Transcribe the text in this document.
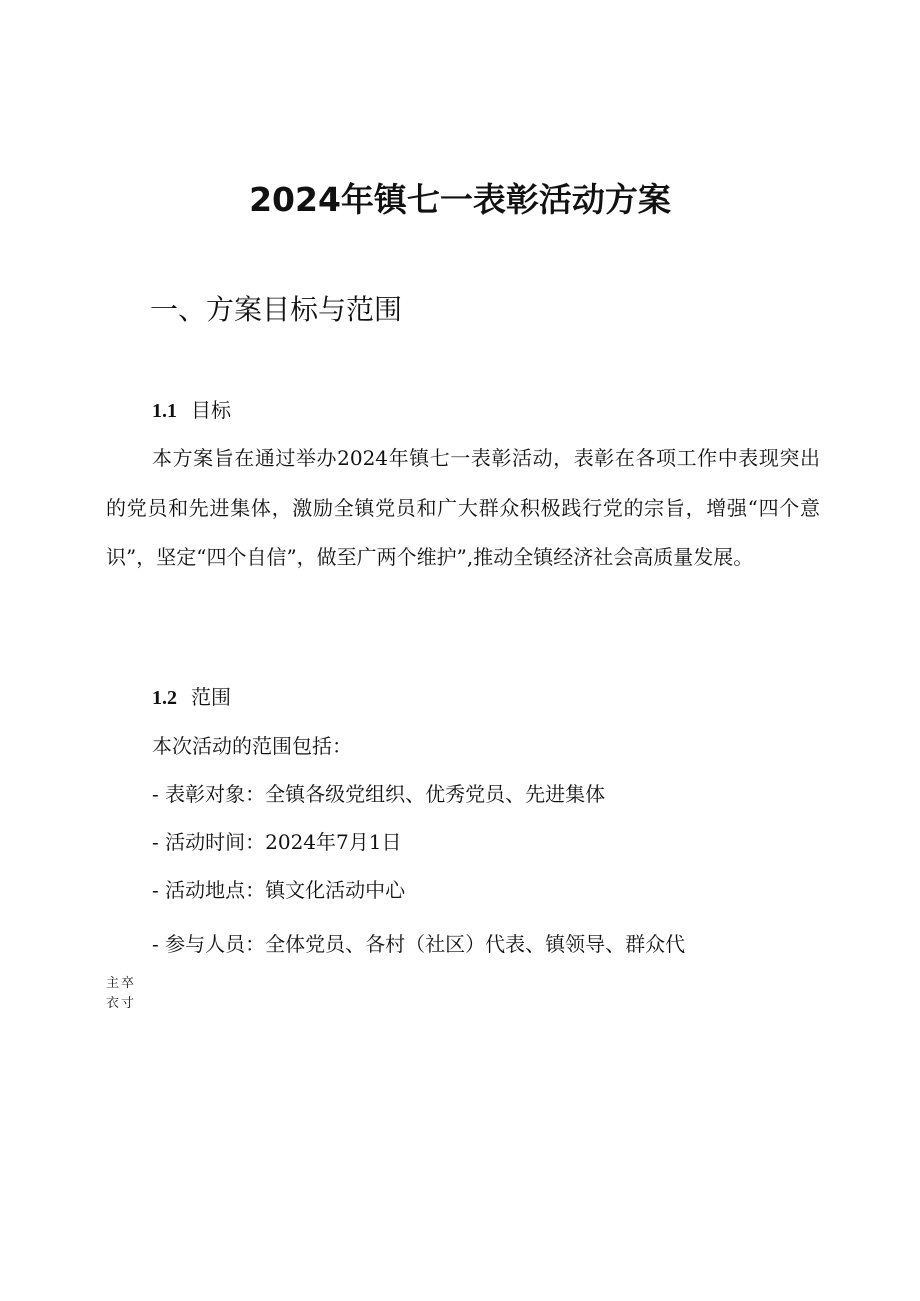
2024年镇七一表彰活动方案
一、方案目标与范围
1.1 目标

本方案旨在通过举办2024年镇七一表彰活动，表彰在各项工作中表现突出的党员和先进集体，激励全镇党员和广大群众积极践行党的宗旨，增强“四个意识”，坚定“四个自信”，做至广两个维护”,推动全镇经济社会高质量发展。

1.2 范围

本次活动的范围包括：

- 表彰对象：全镇各级党组织、优秀党员、先进集体

- 活动时间：2024年7月1日

- 活动地点：镇文化活动中心

- 参与人员：全体党员、各村（社区）代表、镇领导、群众代

主卒
衣寸
